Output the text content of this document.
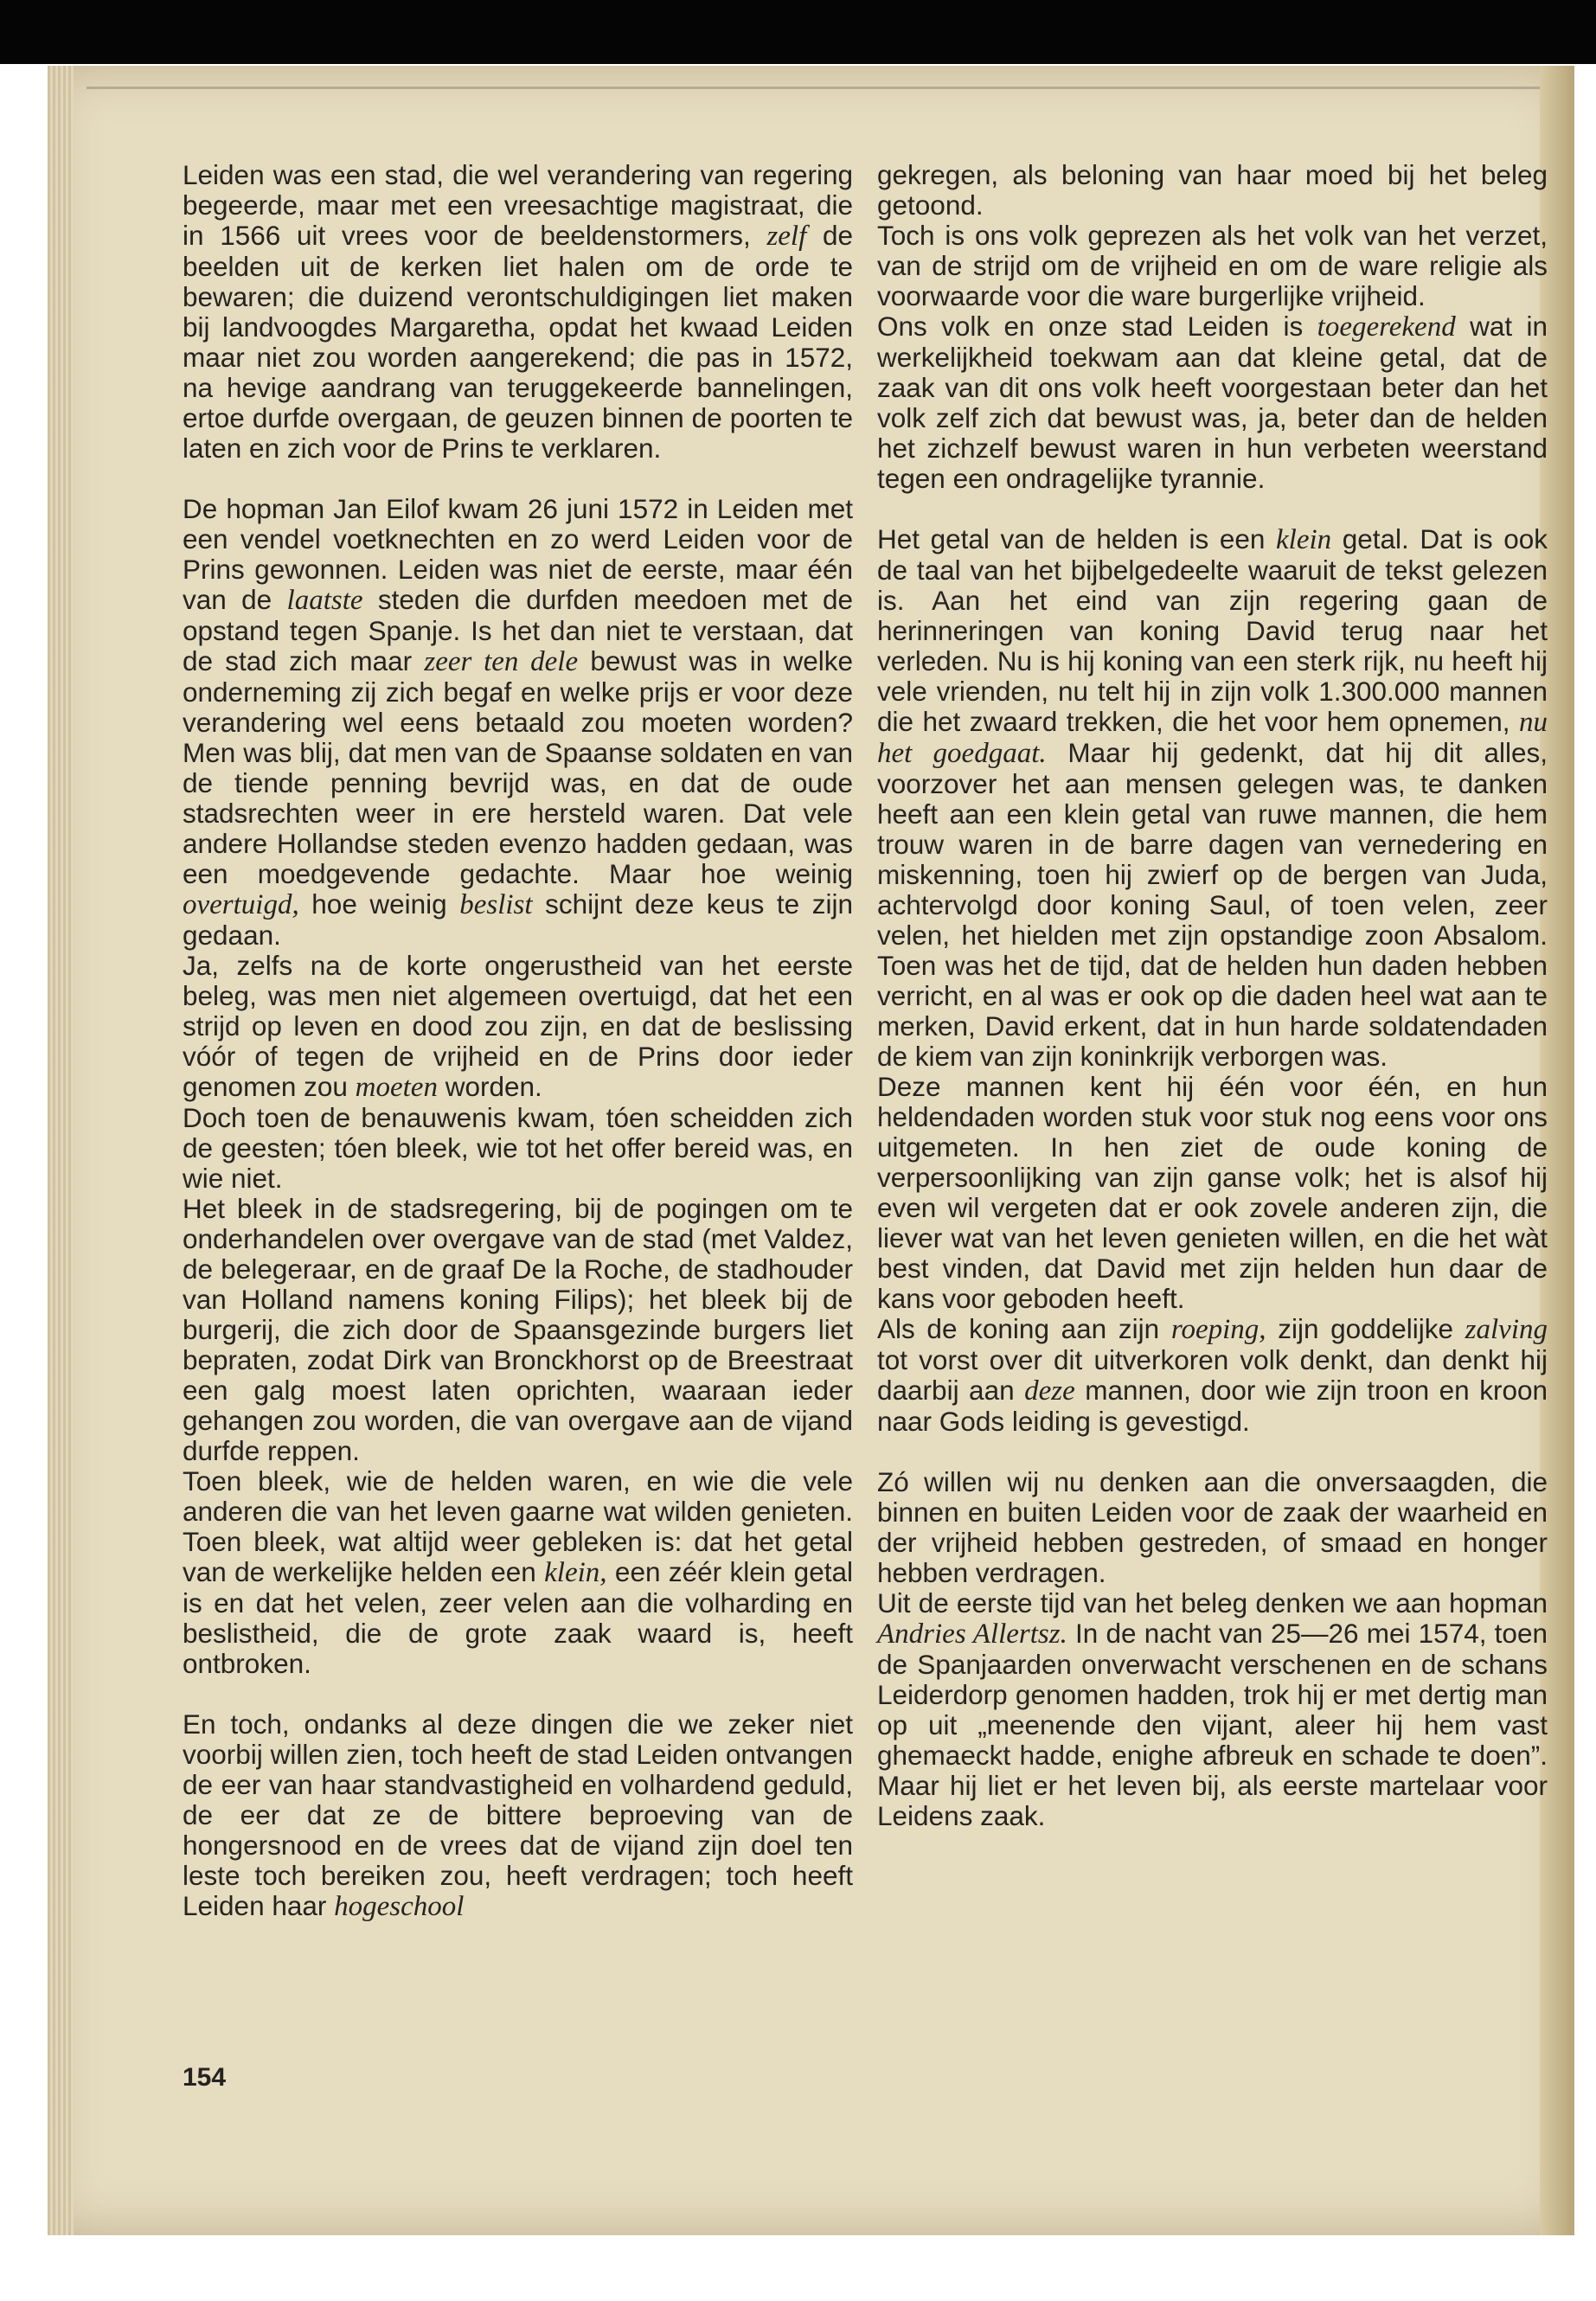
Leiden was een stad, die wel verandering van regering begeerde, maar met een vreesachtige magistraat, die in 1566 uit vrees voor de beeldenstormers, zelf de beelden uit de kerken liet halen om de orde te bewaren; die duizend verontschuldigingen liet maken bij landvoogdes Margaretha, opdat het kwaad Leiden maar niet zou worden aangerekend; die pas in 1572, na hevige aandrang van teruggekeerde bannelingen, ertoe durfde overgaan, de geuzen binnen de poorten te laten en zich voor de Prins te verklaren.

De hopman Jan Eilof kwam 26 juni 1572 in Leiden met een vendel voetknechten en zo werd Leiden voor de Prins gewonnen. Leiden was niet de eerste, maar één van de laatste steden die durfden meedoen met de opstand tegen Spanje. Is het dan niet te verstaan, dat de stad zich maar zeer ten dele bewust was in welke onderneming zij zich begaf en welke prijs er voor deze verandering wel eens betaald zou moeten worden? Men was blij, dat men van de Spaanse soldaten en van de tiende penning bevrijd was, en dat de oude stadsrechten weer in ere hersteld waren. Dat vele andere Hollandse steden evenzo hadden gedaan, was een moedgevende gedachte. Maar hoe weinig overtuigd, hoe weinig beslist schijnt deze keus te zijn gedaan.

Ja, zelfs na de korte ongerustheid van het eerste beleg, was men niet algemeen overtuigd, dat het een strijd op leven en dood zou zijn, en dat de beslissing vóór of tegen de vrijheid en de Prins door ieder genomen zou moeten worden.

Doch toen de benauwenis kwam, tóen scheidden zich de geesten; tóen bleek, wie tot het offer bereid was, en wie niet.

Het bleek in de stadsregering, bij de pogingen om te onderhandelen over overgave van de stad (met Valdez, de belegeraar, en de graaf De la Roche, de stadhouder van Holland namens koning Filips); het bleek bij de burgerij, die zich door de Spaansgezinde burgers liet bepraten, zodat Dirk van Bronckhorst op de Breestraat een galg moest laten oprichten, waaraan ieder gehangen zou worden, die van overgave aan de vijand durfde reppen.

Toen bleek, wie de helden waren, en wie die vele anderen die van het leven gaarne wat wilden genieten. Toen bleek, wat altijd weer gebleken is: dat het getal van de werkelijke helden een klein, een zéér klein getal is en dat het velen, zeer velen aan die volharding en beslistheid, die de grote zaak waard is, heeft ontbroken.

En toch, ondanks al deze dingen die we zeker niet voorbij willen zien, toch heeft de stad Leiden ontvangen de eer van haar standvastigheid en volhardend geduld, de eer dat ze de bittere beproeving van de hongersnood en de vrees dat de vijand zijn doel ten leste toch bereiken zou, heeft verdragen; toch heeft Leiden haar hogeschool

gekregen, als beloning van haar moed bij het beleg getoond.

Toch is ons volk geprezen als het volk van het verzet, van de strijd om de vrijheid en om de ware religie als voorwaarde voor die ware burgerlijke vrijheid.

Ons volk en onze stad Leiden is toegerekend wat in werkelijkheid toekwam aan dat kleine getal, dat de zaak van dit ons volk heeft voorgestaan beter dan het volk zelf zich dat bewust was, ja, beter dan de helden het zichzelf bewust waren in hun verbeten weerstand tegen een ondragelijke tyrannie.

Het getal van de helden is een klein getal. Dat is ook de taal van het bijbelgedeelte waaruit de tekst gelezen is. Aan het eind van zijn regering gaan de herinneringen van koning David terug naar het verleden. Nu is hij koning van een sterk rijk, nu heeft hij vele vrienden, nu telt hij in zijn volk 1.300.000 mannen die het zwaard trekken, die het voor hem opnemen, nu het goedgaat. Maar hij gedenkt, dat hij dit alles, voorzover het aan mensen gelegen was, te danken heeft aan een klein getal van ruwe mannen, die hem trouw waren in de barre dagen van vernedering en miskenning, toen hij zwierf op de bergen van Juda, achtervolgd door koning Saul, of toen velen, zeer velen, het hielden met zijn opstandige zoon Absalom. Toen was het de tijd, dat de helden hun daden hebben verricht, en al was er ook op die daden heel wat aan te merken, David erkent, dat in hun harde soldatendaden de kiem van zijn koninkrijk verborgen was.

Deze mannen kent hij één voor één, en hun heldendaden worden stuk voor stuk nog eens voor ons uitgemeten. In hen ziet de oude koning de verpersoonlijking van zijn ganse volk; het is alsof hij even wil vergeten dat er ook zovele anderen zijn, die liever wat van het leven genieten willen, en die het wàt best vinden, dat David met zijn helden hun daar de kans voor geboden heeft.

Als de koning aan zijn roeping, zijn goddelijke zalving tot vorst over dit uitverkoren volk denkt, dan denkt hij daarbij aan deze mannen, door wie zijn troon en kroon naar Gods leiding is gevestigd.

Zó willen wij nu denken aan die onversaagden, die binnen en buiten Leiden voor de zaak der waarheid en der vrijheid hebben gestreden, of smaad en honger hebben verdragen.

Uit de eerste tijd van het beleg denken we aan hopman Andries Allertsz. In de nacht van 25—26 mei 1574, toen de Spanjaarden onverwacht verschenen en de schans Leiderdorp genomen hadden, trok hij er met dertig man op uit „meenende den vijant, aleer hij hem vast ghemaeckt hadde, enighe afbreuk en schade te doen”. Maar hij liet er het leven bij, als eerste martelaar voor Leidens zaak.

154
